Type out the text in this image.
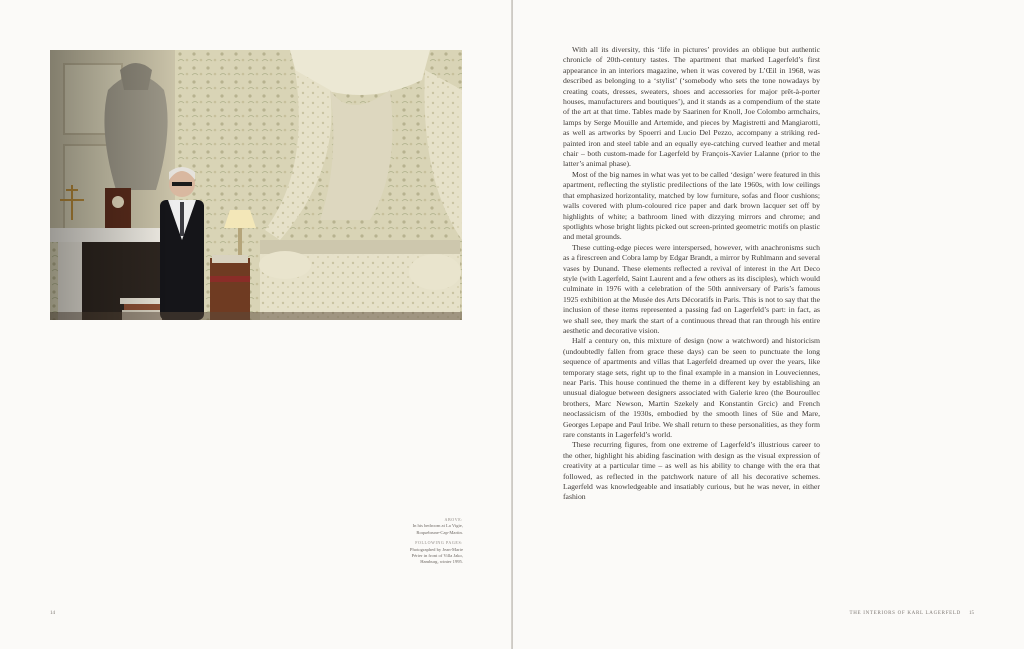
ABOVE:

In his bedroom at La Vigie,

Roquebrune-Cap-Martin.

FOLLOWING PAGES:

Photographed by Jean-Marie

Périer in front of Villa Jako,

Hamburg, winter 1995.

14	THE INTERIORS OF KARL LAGERFELD 15

With all its diversity, this ‘life in pictures’ provides an oblique but authentic chronicle of 20th-century tastes. The apartment that marked Lagerfeld’s first appearance in an interiors magazine, when it was covered by L’Œil in 1968, was described as belonging to a ‘stylist’ (‘somebody who sets the tone nowadays by creating coats, dresses, sweaters, shoes and accessories for major prêt-à-porter houses, manufacturers and boutiques’), and it stands as a compendium of the state of the art at that time. Tables made by Saarinen for Knoll, Joe Colombo armchairs, lamps by Serge Mouille and Artemide, and pieces by Magistretti and Mangiarotti, as well as artworks by Spoerri and Lucio Del Pezzo, accompany a striking red-painted iron and steel table and an equally eye-catching curved leather and metal chair – both custom-made for Lagerfeld by François-Xavier Lalanne (prior to the latter’s animal phase).

Most of the big names in what was yet to be called ‘design’ were featured in this apartment, reflecting the stylistic predilections of the late 1960s, with low ceilings that emphasized horizontality, matched by low furniture, sofas and floor cushions; walls covered with plum-coloured rice paper and dark brown lacquer set off by highlights of white; a bathroom lined with dizzying mirrors and chrome; and spotlights whose bright lights picked out screen-printed geometric motifs on plastic and metal grounds.

These cutting-edge pieces were interspersed, however, with anachronisms such as a firescreen and Cobra lamp by Edgar Brandt, a mirror by Ruhlmann and several vases by Dunand. These elements reflected a revival of interest in the Art Deco style (with Lagerfeld, Saint Laurent and a few others as its disciples), which would culminate in 1976 with a celebration of the 50th anniversary of Paris’s famous 1925 exhibition at the Musée des Arts Décoratifs in Paris. This is not to say that the inclusion of these items represented a passing fad on Lagerfeld’s part: in fact, as we shall see, they mark the start of a continuous thread that ran through his entire aesthetic and decorative vision.

Half a century on, this mixture of design (now a watchword) and historicism (undoubtedly fallen from grace these days) can be seen to punctuate the long sequence of apartments and villas that Lagerfeld dreamed up over the years, like temporary stage sets, right up to the final example in a mansion in Louveciennes, near Paris. This house continued the theme in a different key by establishing an unusual dialogue between designers associated with Galerie kreo (the Bouroullec brothers, Marc Newson, Martin Szekely and Konstantin Grcic) and French neoclassicism of the 1930s, embodied by the smooth lines of Süe and Mare, Georges Lepape and Paul Iribe. We shall return to these personalities, as they form rare constants in Lagerfeld’s world.

These recurring figures, from one extreme of Lagerfeld’s illustrious career to the other, highlight his abiding fascination with design as the visual expression of creativity at a particular time – as well as his ability to change with the era that followed, as reflected in the patchwork nature of all his decorative schemes. Lagerfeld was knowledgeable and insatiably curious, but he was never, in either fashion
